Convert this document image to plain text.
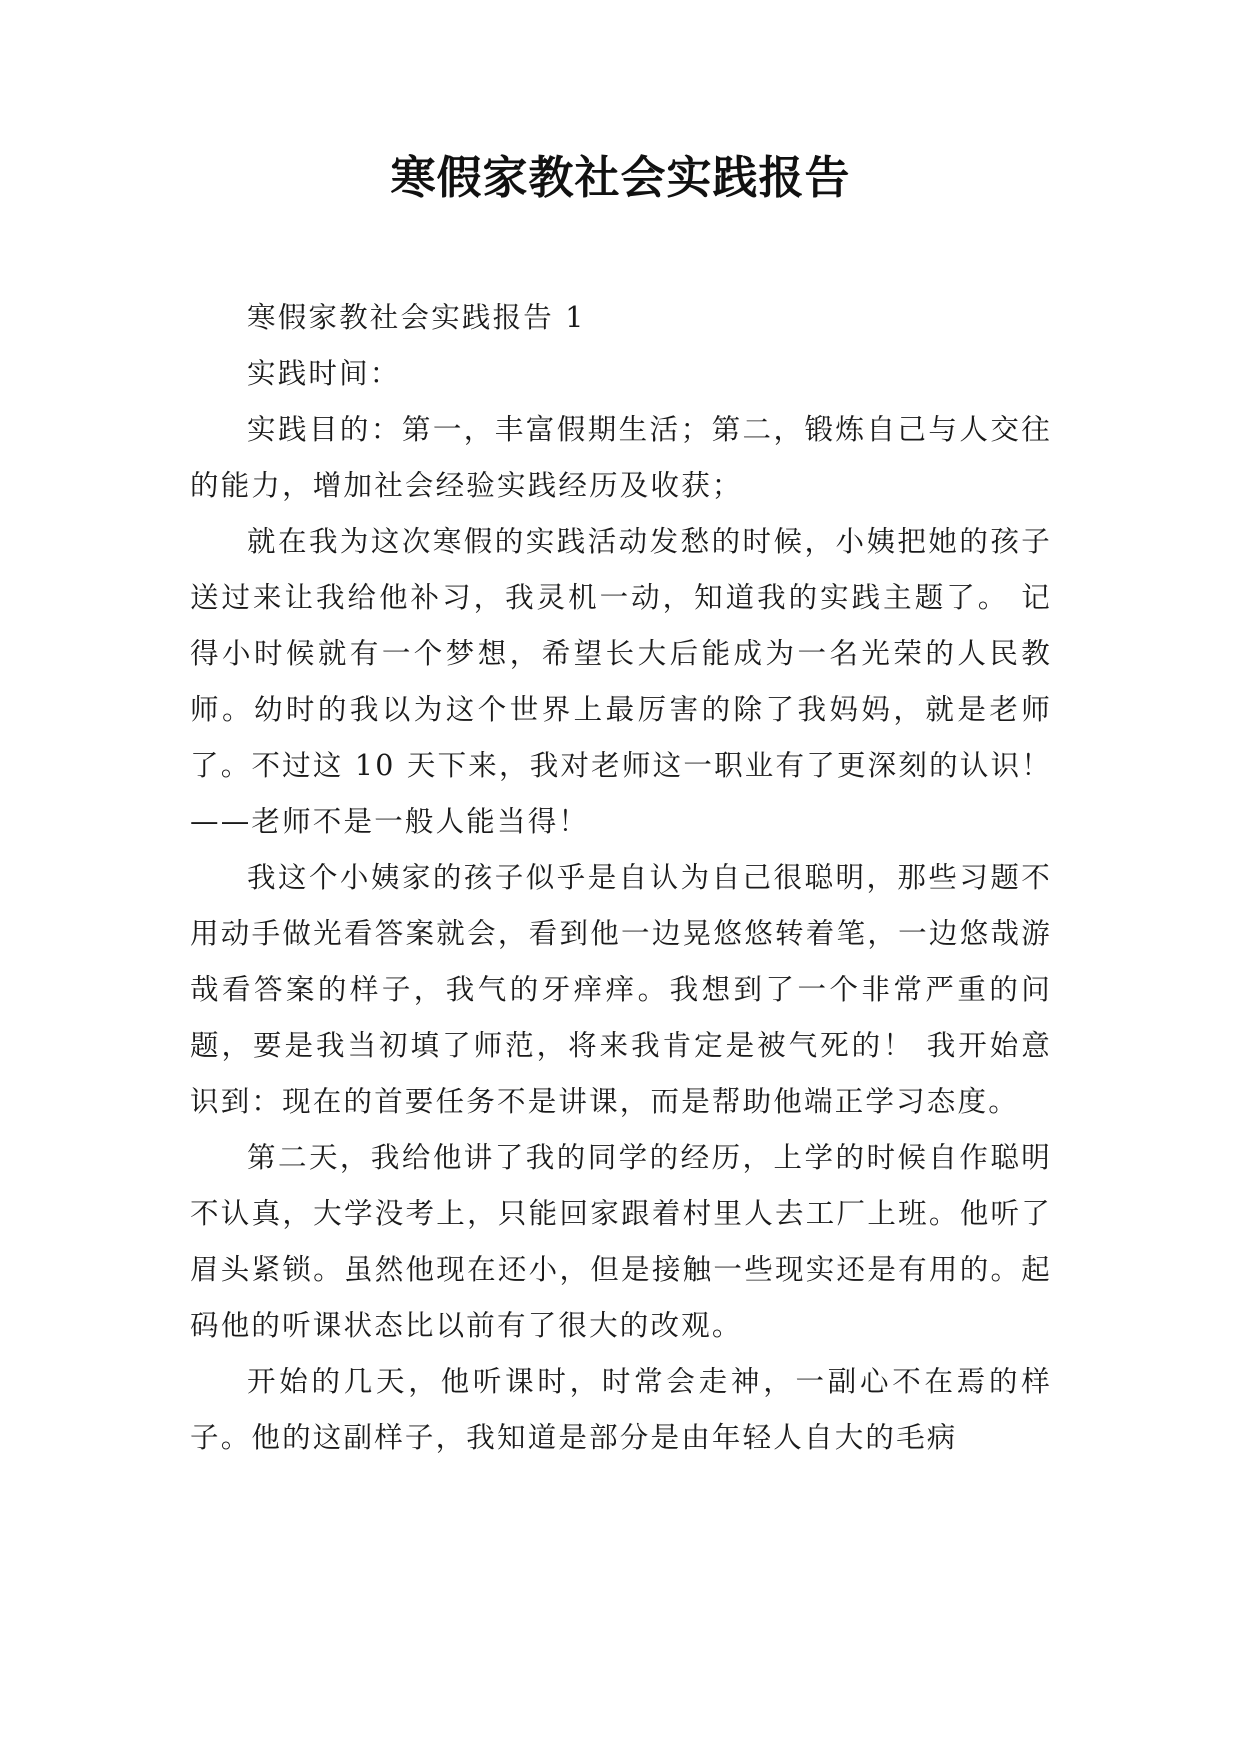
寒假家教社会实践报告

寒假家教社会实践报告 1

实践时间：

实践目的：第一，丰富假期生活；第二，锻炼自己与人交往的能力，增加社会经验实践经历及收获；

就在我为这次寒假的实践活动发愁的时候，小姨把她的孩子送过来让我给他补习，我灵机一动，知道我的实践主题了。 记得小时候就有一个梦想，希望长大后能成为一名光荣的人民教师。幼时的我以为这个世界上最厉害的除了我妈妈，就是老师了。不过这 10 天下来，我对老师这一职业有了更深刻的认识！——老师不是一般人能当得！

我这个小姨家的孩子似乎是自认为自己很聪明，那些习题不用动手做光看答案就会，看到他一边晃悠悠转着笔，一边悠哉游哉看答案的样子，我气的牙痒痒。我想到了一个非常严重的问题，要是我当初填了师范，将来我肯定是被气死的！ 我开始意识到：现在的首要任务不是讲课，而是帮助他端正学习态度。

第二天，我给他讲了我的同学的经历，上学的时候自作聪明不认真，大学没考上，只能回家跟着村里人去工厂上班。他听了眉头紧锁。虽然他现在还小，但是接触一些现实还是有用的。起码他的听课状态比以前有了很大的改观。

开始的几天，他听课时，时常会走神，一副心不在焉的样子。他的这副样子，我知道是部分是由年轻人自大的毛病
